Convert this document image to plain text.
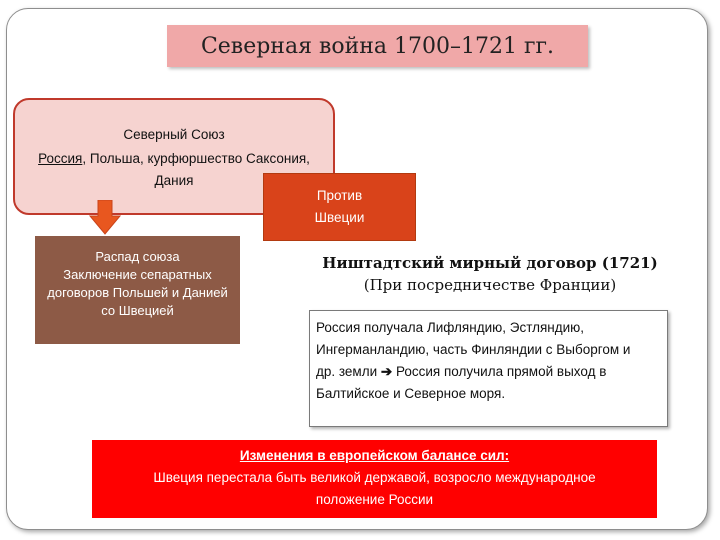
Северная война 1700–1721 гг.
Северный Союз
Россия, Польша, курфюршество Саксония,
Дания
Против
Швеции
Распад союза
Заключение сепаратных
договоров Польшей и Данией
со Швецией
Ништадтский мирный договор (1721)
(При посредничестве Франции)
Россия получала Лифляндию, Эстляндию,
Ингерманландию, часть Финляндии с Выборгом и
др. земли ➔ Россия получила прямой выход в
Балтийское и Северное моря.
Изменения в европейском балансе сил:
Швеция перестала быть великой державой, возросло международное
положение России
